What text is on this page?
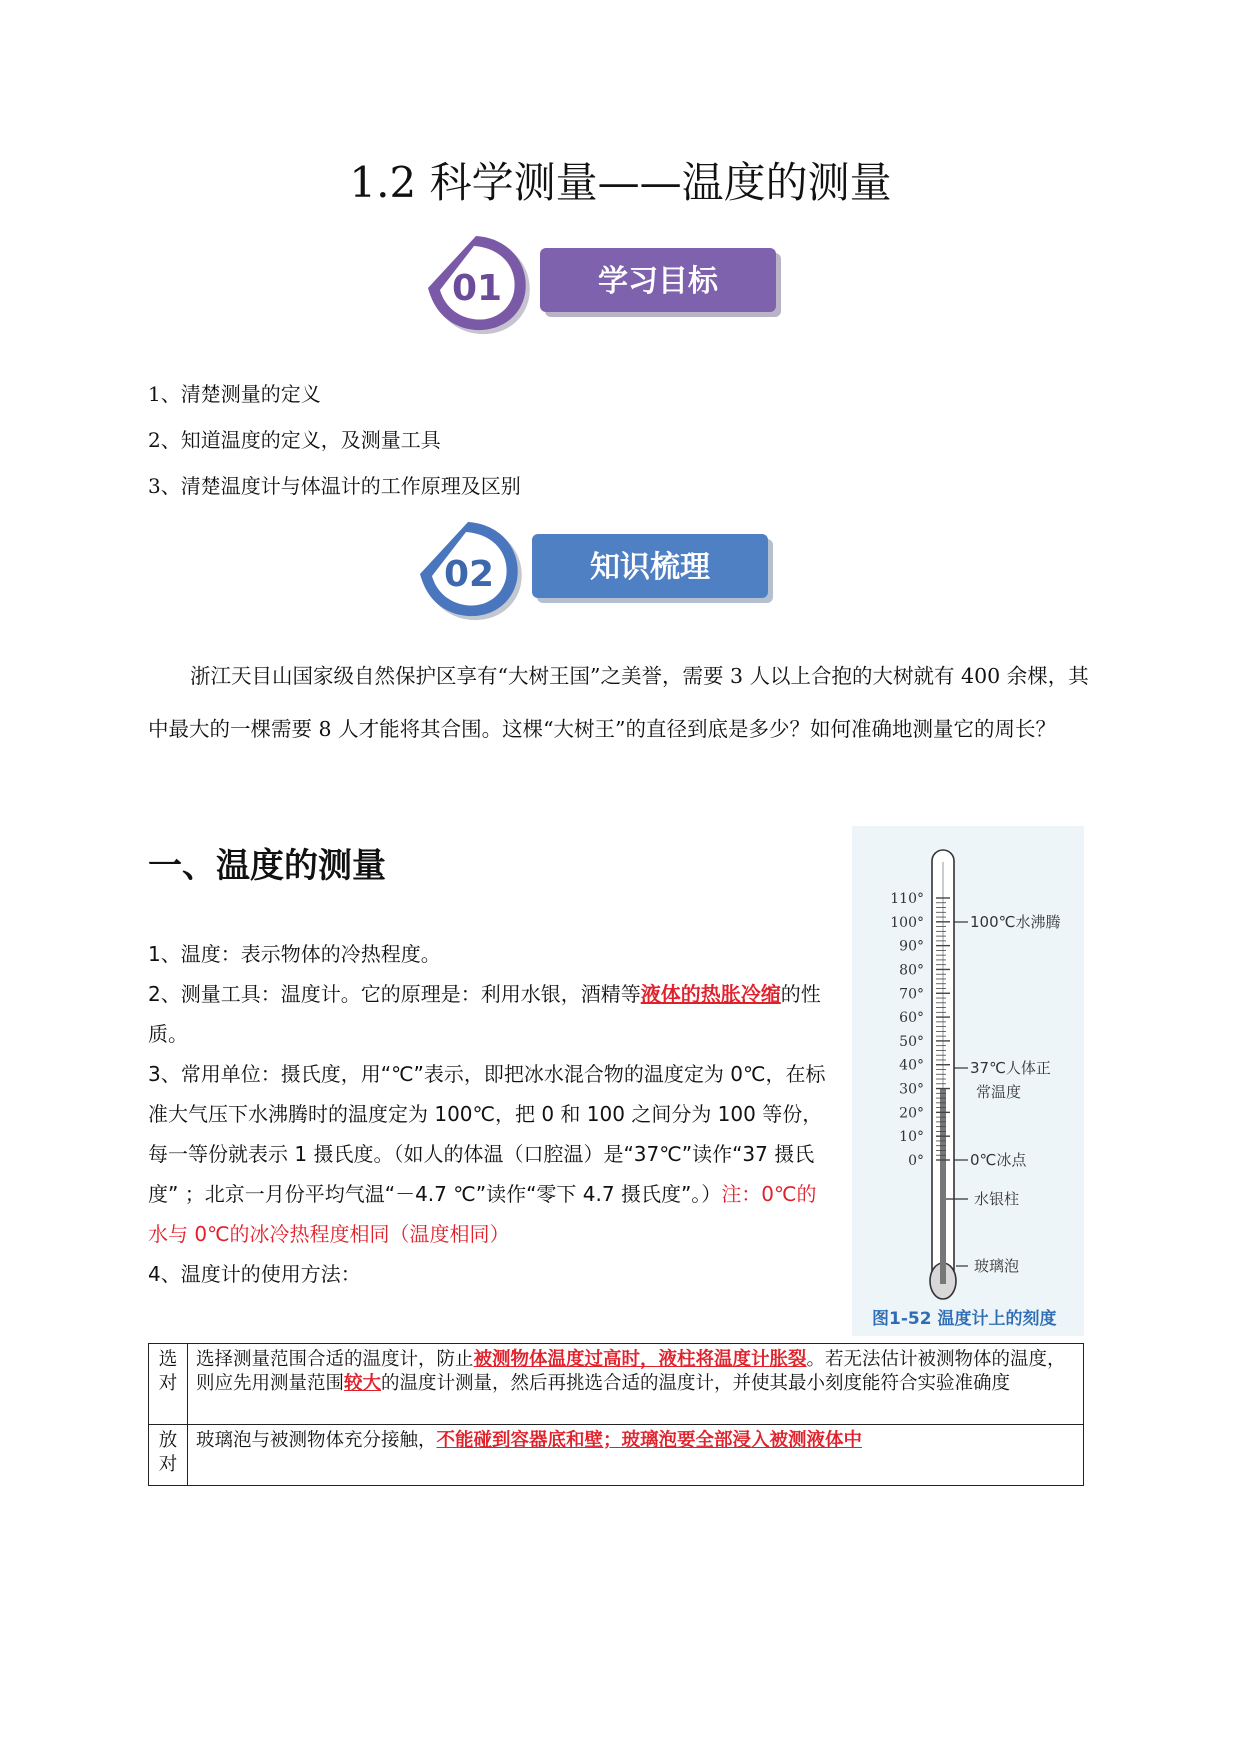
1.2 科学测量——温度的测量
01	学习目标
1、清楚测量的定义
2、知道温度的定义，及测量工具
3、清楚温度计与体温计的工作原理及区别
02	知识梳理
浙江天目山国家级自然保护区享有“大树王国”之美誉，需要 3 人以上合抱的大树就有 400 余棵，其中最大的一棵需要 8 人才能将其合围。这棵“大树王”的直径到底是多少？如何准确地测量它的周长？
一、温度的测量

1、温度：表示物体的冷热程度。

2、测量工具：温度计。它的原理是：利用水银，酒精等液体的热胀冷缩的性质。

3、常用单位：摄氏度，用“℃”表示，即把冰水混合物的温度定为 0℃，在标准大气压下水沸腾时的温度定为 100℃，把 0 和 100 之间分为 100 等份，每一等份就表示 1 摄氏度。（如人的体温（口腔温）是“37℃”读作“37 摄氏度” ；北京一月份平均气温“－4.7 ℃”读作“零下 4.7 摄氏度”。）注：0℃的水与 0℃的冰冷热程度相同（温度相同）

4、温度计的使用方法：

选对	选择测量范围合适的温度计，防止被测物体温度过高时，液柱将温度计胀裂。若无法估计被测物体的温度，则应先用测量范围较大的温度计测量，然后再挑选合适的温度计，并使其最小刻度能符合实验准确度
放对	玻璃泡与被测物体充分接触，不能碰到容器底和壁；玻璃泡要全部浸入被测液体中
110°
100°
90°
80°
70°
60°
50°
40°
30°
20°
10°
0°
100℃水沸腾
37℃人体正
常温度
0℃冰点
水银柱
玻璃泡
图1-52 温度计上的刻度
